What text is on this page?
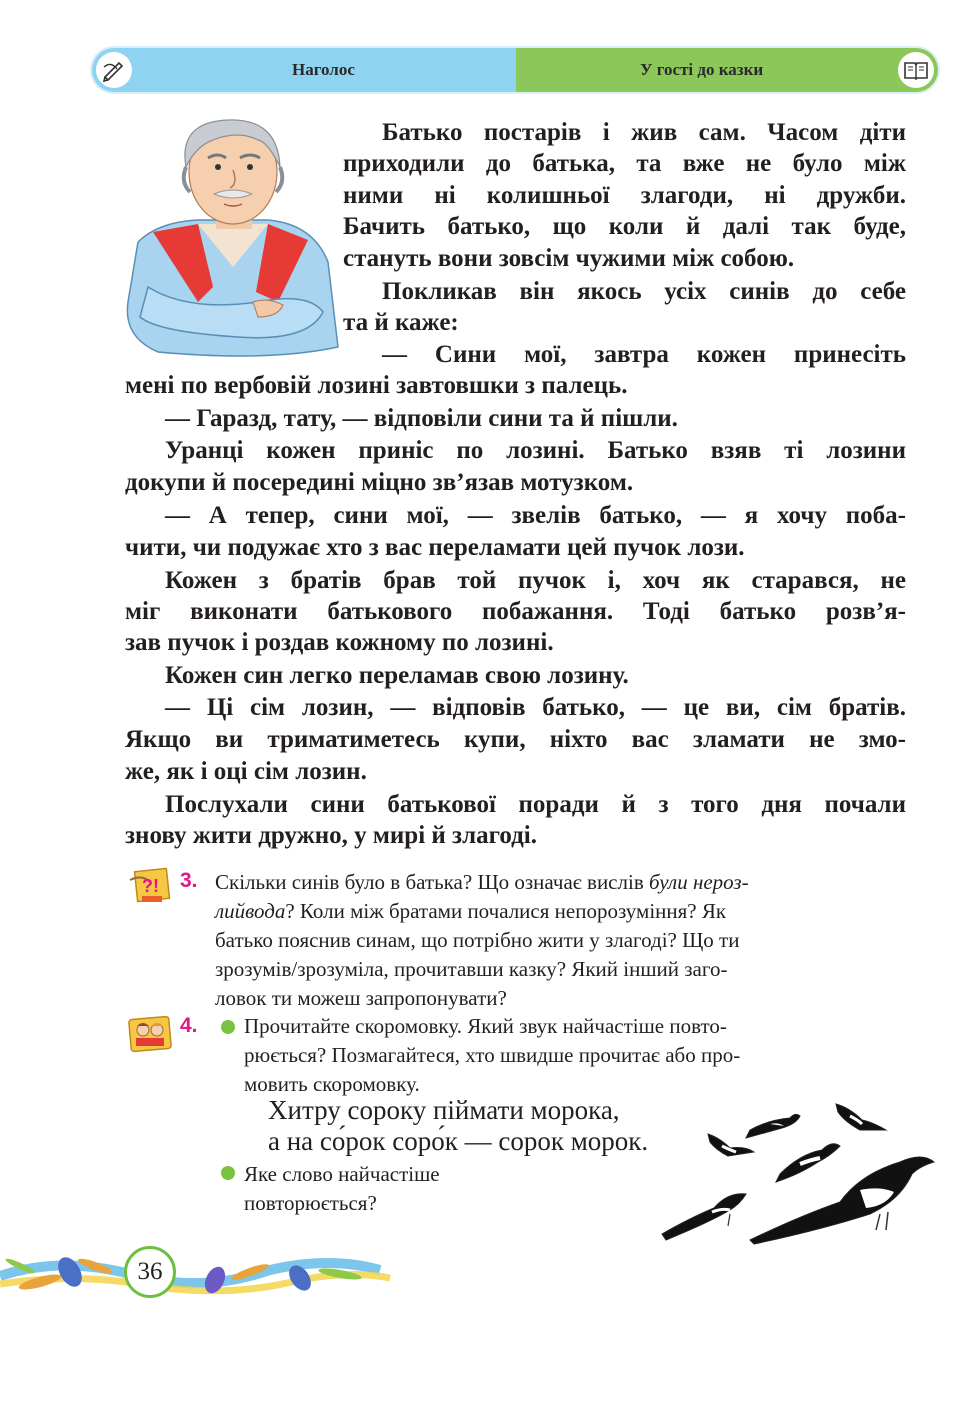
Наголос	У гості до казки

Батько постарів і жив сам. Часом діти

приходили до батька, та вже не було між

ними ні колишньої злагоди, ні дружби.

Бачить батько, що коли й далі так буде,

стануть вони зовсім чужими між собою.

Покликав він якось усіх синів до себе

та й каже:

— Сини мої, завтра кожен принесіть

мені по вербовій лозині завтовшки з палець.

— Гаразд, тату, — відповіли сини та й пішли.

Уранці кожен приніс по лозині. Батько взяв ті лозини

докупи й посередині міцно зв’язав мотузком.

— А тепер, сини мої, — звелів батько, — я хочу поба-

чити, чи подужає хто з вас переламати цей пучок лози.

Кожен з братів брав той пучок і, хоч як старався, не

міг виконати батькового побажання. Тоді батько розв’я-

зав пучок і роздав кожному по лозині.

Кожен син легко переламав свою лозину.

— Ці сім лозин, — відповів батько, — це ви, сім братів.

Якщо ви триматиметесь купи, ніхто вас зламати не змо-

же, як і оці сім лозин.

Послухали сини батькової поради й з того дня почали

знову жити дружно, у мирі й злагоді.

?! 3. Скільки синів було в батька? Що означає вислів були нероз-
лийвода? Коли між братами почалися непорозуміння? Як
батько пояснив синам, що потрібно жити у злагоді? Що ти
зрозумів/зрозуміла, прочитавши казку? Який інший заго-
ловок ти можеш запропонувати?

4. Прочитайте скоромовку. Який звук найчастіше повто-
рюється? Позмагайтеся, хто швидше прочитає або про-
мовить скоромовку.

Хитру сороку піймати морока,

а на со́рок соро́к — сорок морок.

Яке слово найчастіше
повторюється?

36
